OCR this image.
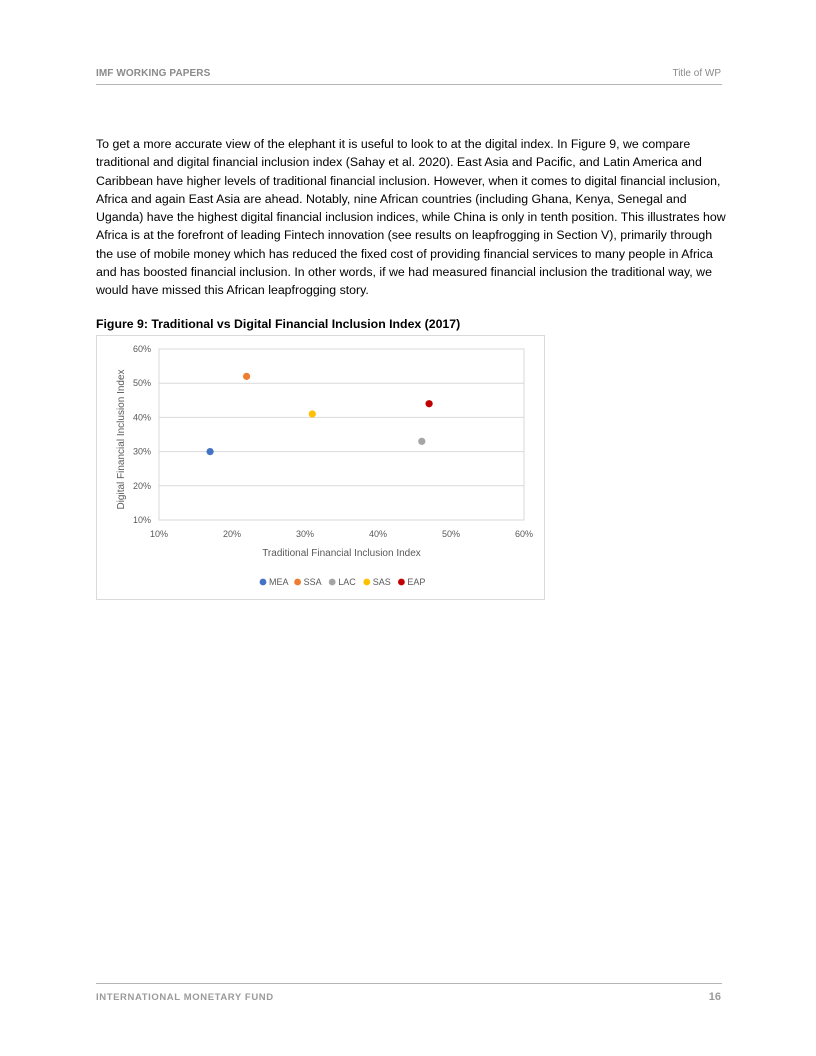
IMF WORKING PAPERS	Title of WP

To get a more accurate view of the elephant it is useful to look to at the digital index. In Figure 9, we compare traditional and digital financial inclusion index (Sahay et al. 2020). East Asia and Pacific, and Latin America and Caribbean have higher levels of traditional financial inclusion. However, when it comes to digital financial inclusion, Africa and again East Asia are ahead. Notably, nine African countries (including Ghana, Kenya, Senegal and Uganda) have the highest digital financial inclusion indices, while China is only in tenth position. This illustrates how Africa is at the forefront of leading Fintech innovation (see results on leapfrogging in Section V), primarily through the use of mobile money which has reduced the fixed cost of providing financial services to many people in Africa and has boosted financial inclusion. In other words, if we had measured financial inclusion the traditional way, we would have missed this African leapfrogging story.

Figure 9: Traditional vs Digital Financial Inclusion Index (2017)

10%
20%
30%
40%
50%
60%
10%	20%	30%	40%	50%	60%
Traditional Financial Inclusion Index
Digital Financial Inclusion Index
MEA SSA LAC SAS EAP
INTERNATIONAL MONETARY FUND	16
